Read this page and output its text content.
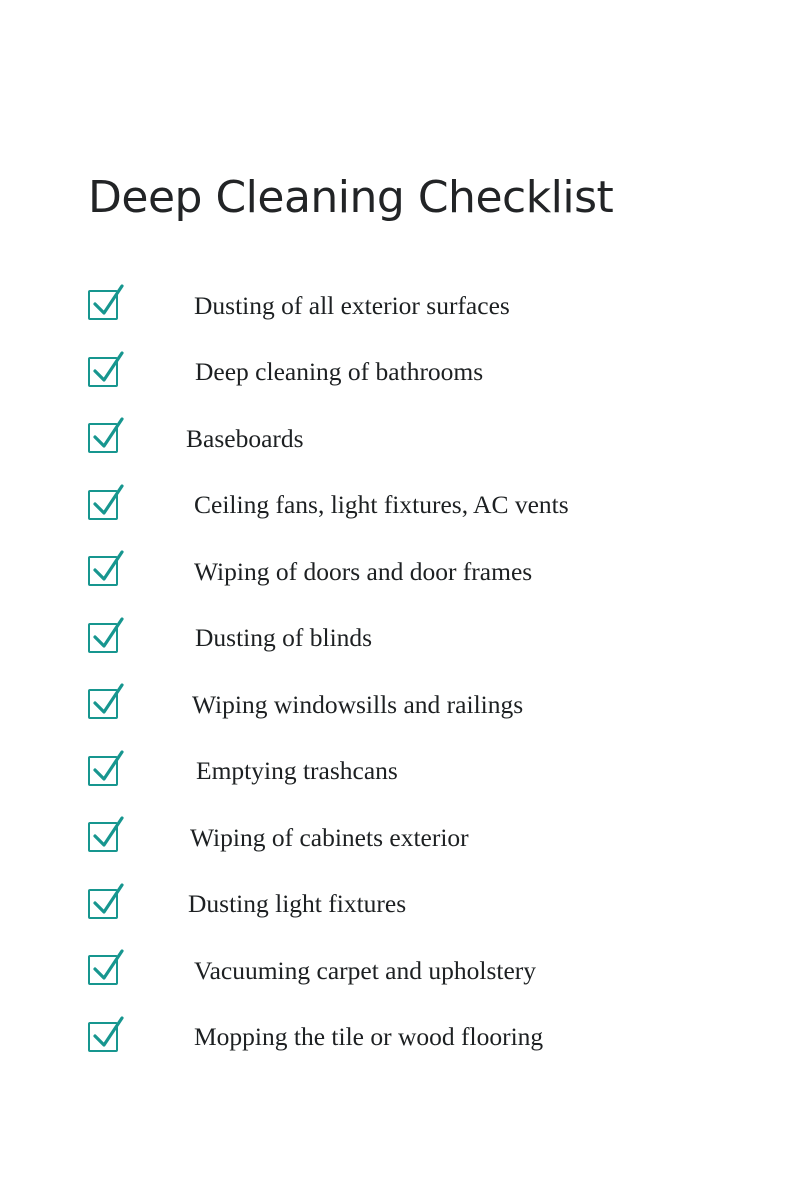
Deep Cleaning Checklist
Dusting of all exterior surfaces
Deep cleaning of bathrooms
Baseboards
Ceiling fans, light fixtures, AC vents
Wiping of doors and door frames
Dusting of blinds
Wiping windowsills and railings
Emptying trashcans
Wiping of cabinets exterior
Dusting light fixtures
Vacuuming carpet and upholstery
Mopping the tile or wood flooring
